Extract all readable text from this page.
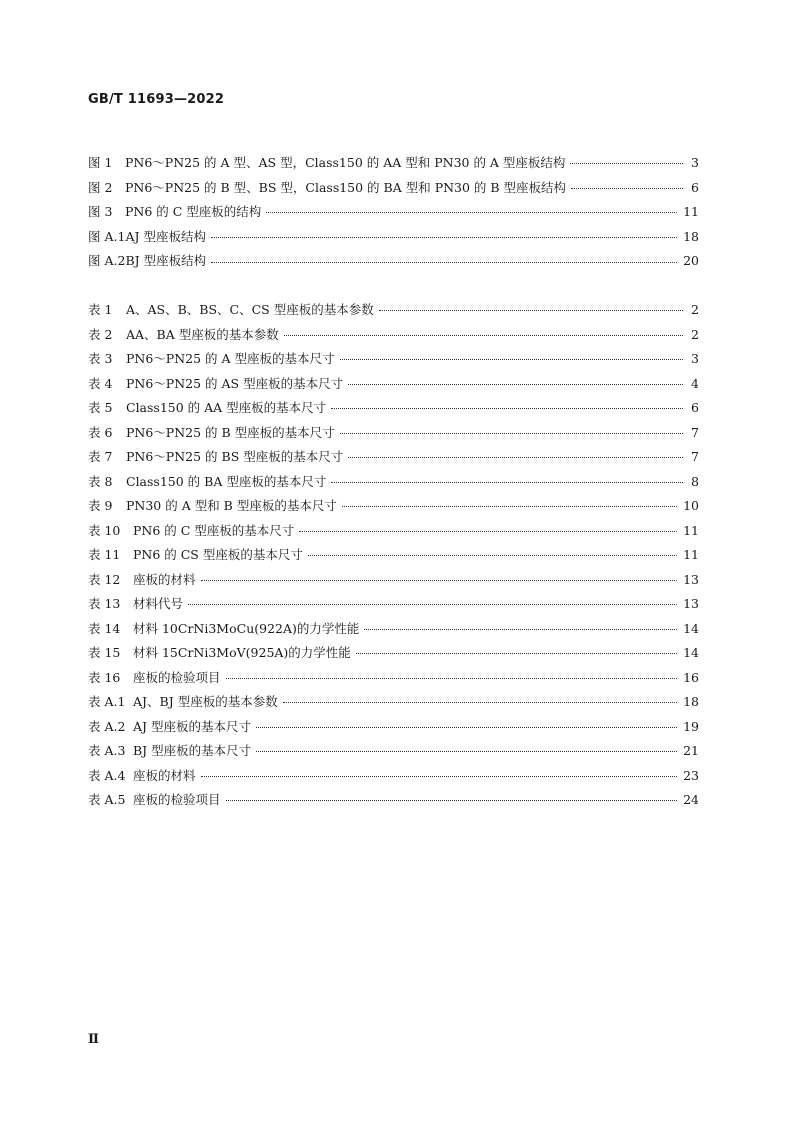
GB/T 11693—2022
图 1	PN6～PN25 的 A 型、AS 型，Class150 的 AA 型和 PN30 的 A 型座板结构	3
图 2	PN6～PN25 的 B 型、BS 型，Class150 的 BA 型和 PN30 的 B 型座板结构	6
图 3	PN6 的 C 型座板的结构	11
图 A.1 AJ 型座板结构	18
图 A.2 BJ 型座板结构	20
表 1	A、AS、B、BS、C、CS 型座板的基本参数	2
表 2	AA、BA 型座板的基本参数	2
表 3	PN6～PN25 的 A 型座板的基本尺寸	3
表 4	PN6～PN25 的 AS 型座板的基本尺寸	4
表 5	Class150 的 AA 型座板的基本尺寸	6
表 6	PN6～PN25 的 B 型座板的基本尺寸	7
表 7	PN6～PN25 的 BS 型座板的基本尺寸	7
表 8	Class150 的 BA 型座板的基本尺寸	8
表 9	PN30 的 A 型和 B 型座板的基本尺寸	10
表 10	PN6 的 C 型座板的基本尺寸	11
表 11	PN6 的 CS 型座板的基本尺寸	11
表 12	座板的材料	13
表 13	材料代号	13
表 14	材料 10CrNi3MoCu(922A)的力学性能	14
表 15	材料 15CrNi3MoV(925A)的力学性能	14
表 16	座板的检验项目	16
表 A.1 AJ、BJ 型座板的基本参数	18
表 A.2 AJ 型座板的基本尺寸	19
表 A.3 BJ 型座板的基本尺寸	21
表 A.4 座板的材料	23
表 A.5 座板的检验项目	24
Ⅱ
